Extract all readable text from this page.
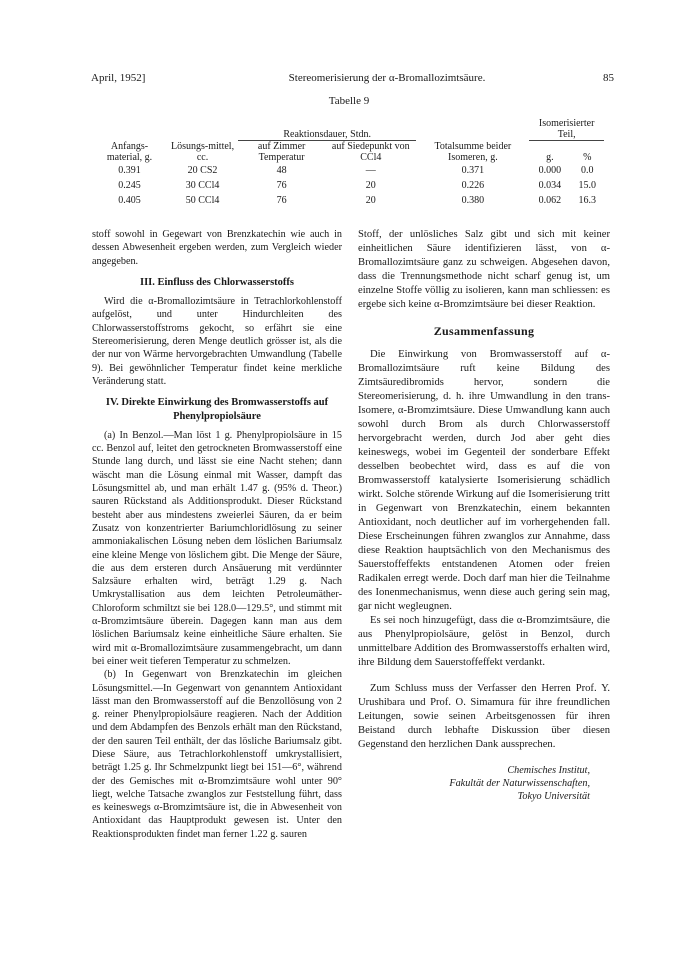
April, 1952]	Stereomerisierung der α-Bromallozimtsäure.	85
Tabelle 9
Anfangs-material, g.	Lösungs-mittel, cc.	Reaktionsdauer, Stdn.		Totalsumme beider Isomeren, g.	Isomerisierter Teil,	
		auf Zimmer Temperatur	auf Siedepunkt von CCl4		g.	%
0.391	20 CS2	48	—	0.371	0.000	0.0
0.245	30 CCl4	76	20	0.226	0.034	15.0
0.405	50 CCl4	76	20	0.380	0.062	16.3

stoff sowohl in Gegewart von Brenzkatechin wie auch in dessen Abwesenheit ergeben werden, zum Vergleich wieder angegeben.

III. Einfluss des Chlorwasserstoffs

Wird die α-Bromallozimtsäure in Tetrachlorkohlenstoff aufgelöst, und unter Hindurchleiten des Chlorwasserstoffstroms gekocht, so erfährt sie eine Stereomerisierung, deren Menge deutlich grösser ist, als die der nur von Wärme hervorgebrachten Umwandlung (Tabelle 9). Bei gewöhnlicher Temperatur findet keine merkliche Veränderung statt.

IV. Direkte Einwirkung des Bromwasserstoffs auf Phenylpropiolsäure

(a) In Benzol.—Man löst 1 g. Phenylpropiolsäure in 15 cc. Benzol auf, leitet den getrockneten Bromwasserstoff eine Stunde lang durch, und lässt sie eine Nacht stehen; dann wäscht man die Lösung einmal mit Wasser, dampft das Lösungsmittel ab, und man erhält 1.47 g. (95% d. Theor.) sauren Rückstand als Additionsprodukt. Dieser Rückstand besteht aber aus mindestens zweierlei Säuren, da er beim Zusatz von konzentrierter Bariumchloridlösung zu seiner ammoniakalischen Lösung neben dem löslichen Bariumsalz eine kleine Menge von löslichem gibt. Die Menge der Säure, die aus dem ersteren durch Ansäuerung mit verdünnter Salzsäure erhalten wird, beträgt 1.29 g. Nach Umkrystallisation aus dem leichten Petroleumäther-Chloroform schmiltzt sie bei 128.0—129.5°, und stimmt mit α-Bromzimtsäure überein. Dagegen kann man aus dem löslichen Bariumsalz keine einheitliche Säure erhalten. Sie wird mit α-Bromallozimtsäure zusammengebracht, um dann bei einer weit tieferen Temperatur zu schmelzen.

(b) In Gegenwart von Brenzkatechin im gleichen Lösungsmittel.—In Gegenwart von genanntem Antioxidant lässt man den Bromwasserstoff auf die Benzollösung von 2 g. reiner Phenylpropiolsäure reagieren. Nach der Addition und dem Abdampfen des Benzols erhält man den Rückstand, der den sauren Teil enthält, der das lösliche Bariumsalz gibt. Diese Säure, aus Tetrachlorkohlenstoff umkrystallisiert, beträgt 1.25 g. Ihr Schmelzpunkt liegt bei 151—6°, während der des Gemisches mit α-Bromzimtsäure wohl unter 90° liegt, welche Tatsache zwanglos zur Feststellung führt, dass es keineswegs α-Bromzimtsäure ist, die in Abwesenheit von Antioxidant das Hauptprodukt gewesen ist. Unter den Reaktionsprodukten findet man ferner 1.22 g. sauren

Stoff, der unlösliches Salz gibt und sich mit keiner einheitlichen Säure identifizieren lässt, von α-Bromallozimtsäure ganz zu schweigen. Abgesehen davon, dass die Trennungsmethode nicht scharf genug ist, um einzelne Stoffe völlig zu isolieren, kann man schliessen: es ergebe sich keine α-Bromzimtsäure bei dieser Reaktion.

Zusammenfassung

Die Einwirkung von Bromwasserstoff auf α-Bromallozimtsäure ruft keine Bildung des Zimtsäuredibromids hervor, sondern die Stereomerisierung, d. h. ihre Umwandlung in den trans-Isomere, α-Bromzimtsäure. Diese Umwandlung kann auch sowohl durch Brom als durch Chlorwasserstoff hervorgebracht werden, durch Jod aber geht dies keineswegs, wobei im Gegenteil der sonderbare Effekt desselben beobechtet wird, dass es auf die von Bromwasserstoff katalysierte Isomerisierung schädlich wirkt. Solche störende Wirkung auf die Isomerisierung tritt in Gegenwart von Brenzkatechin, einem bekannten Antioxidant, noch deutlicher auf im vorhergehenden fall. Diese Erscheinungen führen zwanglos zur Annahme, dass diese Reaktion hauptsächlich von den Mechanismus des Sauerstoffeffekts entstandenen Atomen oder freien Radikalen erregt werde. Doch darf man hier die Teilnahme des Ionenmechanismus, wenn diese auch gering sein mag, gar nicht wegleugnen.

Es sei noch hinzugefügt, dass die α-Bromzimtsäure, die aus Phenylpropiolsäure, gelöst in Benzol, durch unmittelbare Addition des Bromwasserstoffs erhalten wird, ihre Bildung dem Sauerstoffeffekt verdankt.

Zum Schluss muss der Verfasser den Herren Prof. Y. Urushibara und Prof. O. Simamura für ihre freundlichen Leitungen, sowie seinen Arbeitsgenossen für ihren Beistand durch lebhafte Diskussion über diesen Gegenstand den herzlichen Dank aussprechen.

Chemisches Institut,
Fakultät der Naturwissenschaften,
Tokyo Universität
